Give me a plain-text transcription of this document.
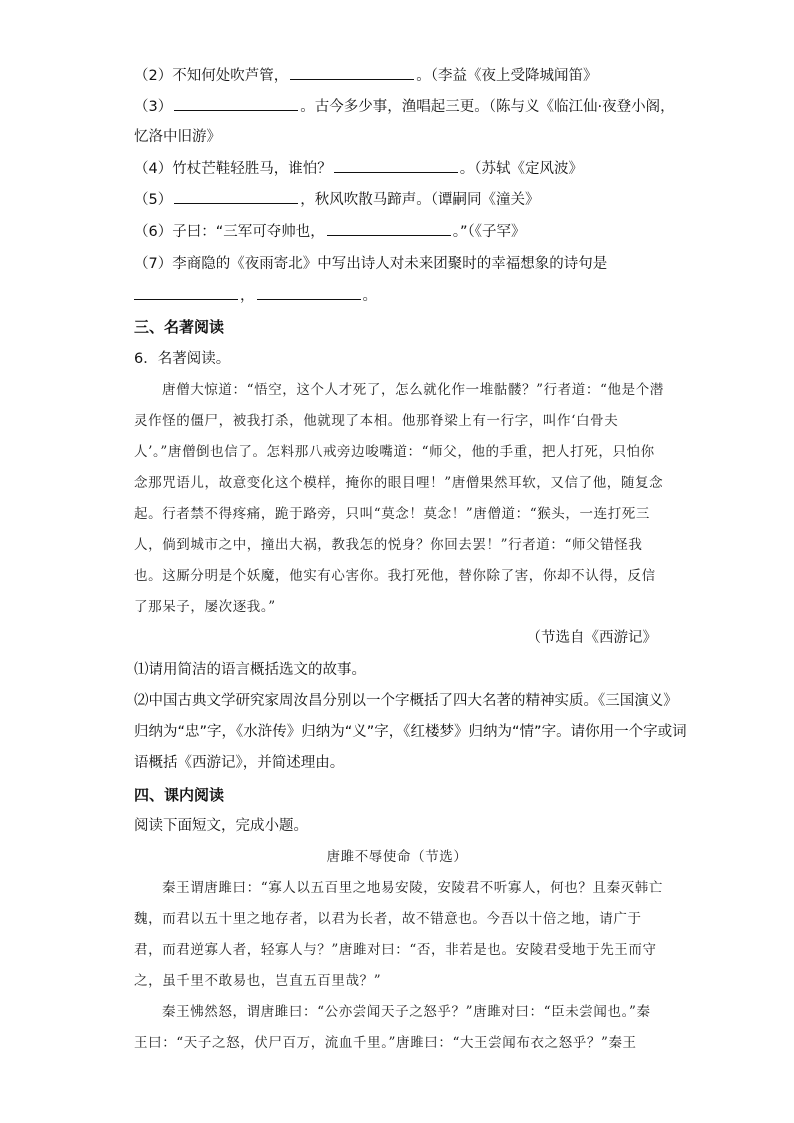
（2）不知何处吹芦管，	。（李益《夜上受降城闻笛》
（3）	。古今多少事，渔唱起三更。（陈与义《临江仙·夜登小阁，
忆洛中旧游》
（4）竹杖芒鞋轻胜马，谁怕？	。（苏轼《定风波》
（5）	，秋风吹散马蹄声。（谭嗣同《潼关》
（6）子曰：“三军可夺帅也，	。”（《子罕》
（7）李商隐的《夜雨寄北》中写出诗人对未来团聚时的幸福想象的诗句是
，	。
三、名著阅读
6．名著阅读。
唐僧大惊道：“悟空，这个人才死了，怎么就化作一堆骷髅？”行者道：“他是个潜
灵作怪的僵尸，被我打杀，他就现了本相。他那脊梁上有一行字，叫作‘白骨夫
人’。”唐僧倒也信了。怎料那八戒旁边唆嘴道：“师父，他的手重，把人打死，只怕你
念那咒语儿，故意变化这个模样，掩你的眼目哩！”唐僧果然耳软，又信了他，随复念
起。行者禁不得疼痛，跪于路旁，只叫“莫念！莫念！”唐僧道：“猴头，一连打死三
人，倘到城市之中，撞出大祸，教我怎的悦身？你回去罢！”行者道：“师父错怪我
也。这厮分明是个妖魔，他实有心害你。我打死他，替你除了害，你却不认得，反信
了那呆子，屡次逐我。”
（节选自《西游记》
⑴请用简洁的语言概括选文的故事。
⑵中国古典文学研究家周汝昌分别以一个字概括了四大名著的精神实质。《三国演义》
归纳为“忠”字，《水浒传》归纳为“义”字，《红楼梦》归纳为“情”字。请你用一个字或词
语概括《西游记》，并简述理由。
四、课内阅读
阅读下面短文，完成小题。
唐雎不辱使命（节选）
秦王谓唐雎曰：“寡人以五百里之地易安陵，安陵君不听寡人，何也？且秦灭韩亡
魏，而君以五十里之地存者，以君为长者，故不错意也。今吾以十倍之地，请广于
君，而君逆寡人者，轻寡人与？”唐雎对曰：“否，非若是也。安陵君受地于先王而守
之，虽千里不敢易也，岂直五百里哉？”
秦王怫然怒，谓唐雎曰：“公亦尝闻天子之怒乎？”唐雎对曰：“臣未尝闻也。”秦
王曰：“天子之怒，伏尸百万，流血千里。”唐雎曰：“大王尝闻布衣之怒乎？”秦王
